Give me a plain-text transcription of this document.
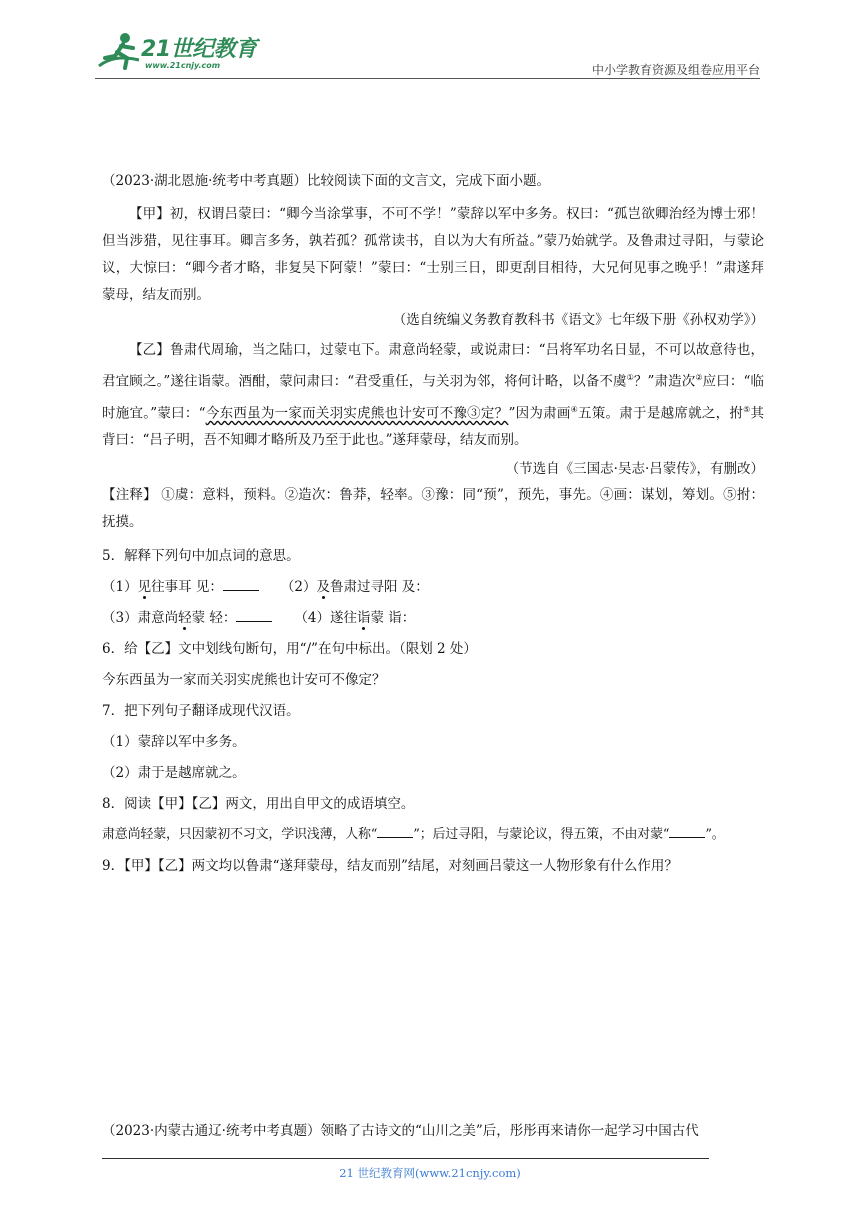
21世纪教育
www.21cnjy.com	中小学教育资源及组卷应用平台
（2023·湖北恩施·统考中考真题）比较阅读下面的文言文，完成下面小题。
【甲】初，权谓吕蒙曰：“卿今当涂掌事，不可不学！”蒙辞以军中多务。权曰：“孤岂欲卿治经为博士邪！但当涉猎，见往事耳。卿言多务，孰若孤？孤常读书，自以为大有所益。”蒙乃始就学。及鲁肃过寻阳，与蒙论议，大惊曰：“卿今者才略，非复吴下阿蒙！”蒙曰：“士别三日，即更刮目相待，大兄何见事之晚乎！”肃遂拜蒙母，结友而别。
（选自统编义务教育教科书《语文》七年级下册《孙权劝学》）
【乙】鲁肃代周瑜，当之陆口，过蒙屯下。肃意尚轻蒙，或说肃曰：“吕将军功名日显，不可以故意待也，君宜顾之。”遂往诣蒙。酒酣，蒙问肃曰：“君受重任，与关羽为邻，将何计略，以备不虞①？”肃造次②应曰：“临时施宜。”蒙曰：“今东西虽为一家而关羽实虎熊也计安可不豫③定？”因为肃画④五策。肃于是越席就之，拊⑤其背曰：“吕子明，吾不知卿才略所及乃至于此也。”遂拜蒙母，结友而别。
（节选自《三国志·吴志·吕蒙传》，有删改）
【注释】 ①虞：意料，预料。②造次：鲁莽，轻率。③豫：同“预”，预先，事先。④画：谋划，筹划。⑤拊：抚摸。
5．解释下列句中加点词的意思。
（1）见往事耳 见：	（2）及鲁肃过寻阳 及：
（3）肃意尚轻蒙 轻：	（4）遂往诣蒙 诣：
6．给【乙】文中划线句断句，用“/”在句中标出。（限划 2 处）
今东西虽为一家而关羽实虎熊也计安可不像定？
7．把下列句子翻译成现代汉语。
（1）蒙辞以军中多务。
（2）肃于是越席就之。
8．阅读【甲】【乙】两文，用出自甲文的成语填空。
肃意尚轻蒙，只因蒙初不习文，学识浅薄，人称“	”；后过寻阳，与蒙论议，得五策，不由对蒙“	”。
9．【甲】【乙】两文均以鲁肃“遂拜蒙母，结友而别”结尾，对刻画吕蒙这一人物形象有什么作用？
（2023·内蒙古通辽·统考中考真题）领略了古诗文的“山川之美”后，彤彤再来请你一起学习中国古代
21 世纪教育网(www.21cnjy.com)
